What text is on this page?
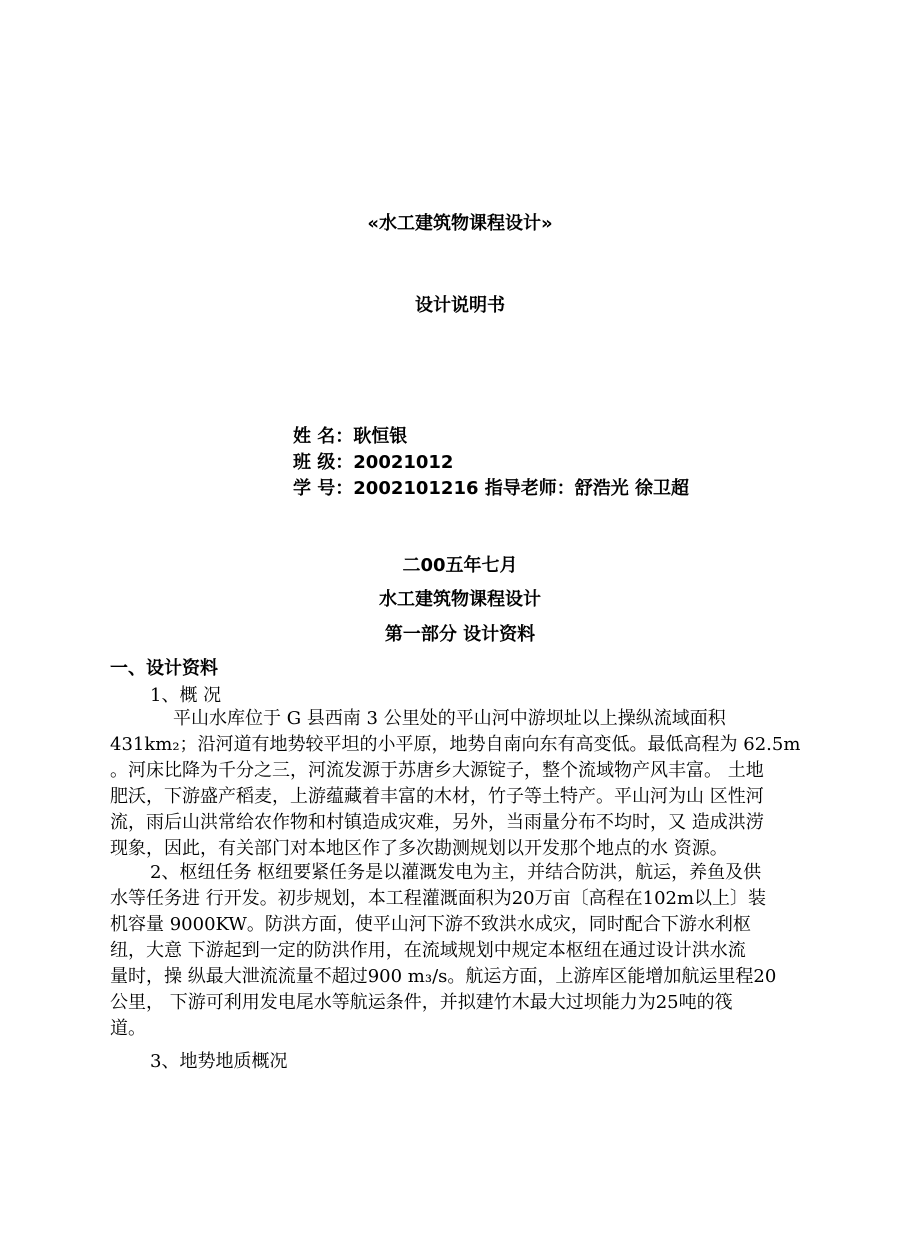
«水工建筑物课程设计»
设计说明书
姓 名：耿恒银
班 级：20021012
学 号：2002101216 指导老师：舒浩光 徐卫超
二00五年七月
水工建筑物课程设计
第一部分 设计资料
一、设计资料
1、概 况
平山水库位于 G 县西南 3 公里处的平山河中游坝址以上操纵流域面积
431km₂；沿河道有地势较平坦的小平原，地势自南向东有高变低。最低高程为 62.5m
。河床比降为千分之三，河流发源于苏唐乡大源锭子，整个流域物产风丰富。 土地
肥沃，下游盛产稻麦，上游蕴藏着丰富的木材，竹子等土特产。平山河为山 区性河
流，雨后山洪常给农作物和村镇造成灾难，另外，当雨量分布不均时，又 造成洪涝
现象，因此，有关部门对本地区作了多次勘测规划以开发那个地点的水 资源。
2、枢纽任务 枢纽要紧任务是以灌溉发电为主，并结合防洪，航运，养鱼及供
水等任务进 行开发。初步规划，本工程灌溉面积为20万亩〔高程在102m以上〕装
机容量 9000KW。防洪方面，使平山河下游不致洪水成灾，同时配合下游水利枢
纽，大意 下游起到一定的防洪作用，在流域规划中规定本枢纽在通过设计洪水流
量时，操 纵最大泄流流量不超过900 m₃/s。航运方面，上游库区能增加航运里程20
公里， 下游可利用发电尾水等航运条件，并拟建竹木最大过坝能力为25吨的筏
道。
3、地势地质概况
